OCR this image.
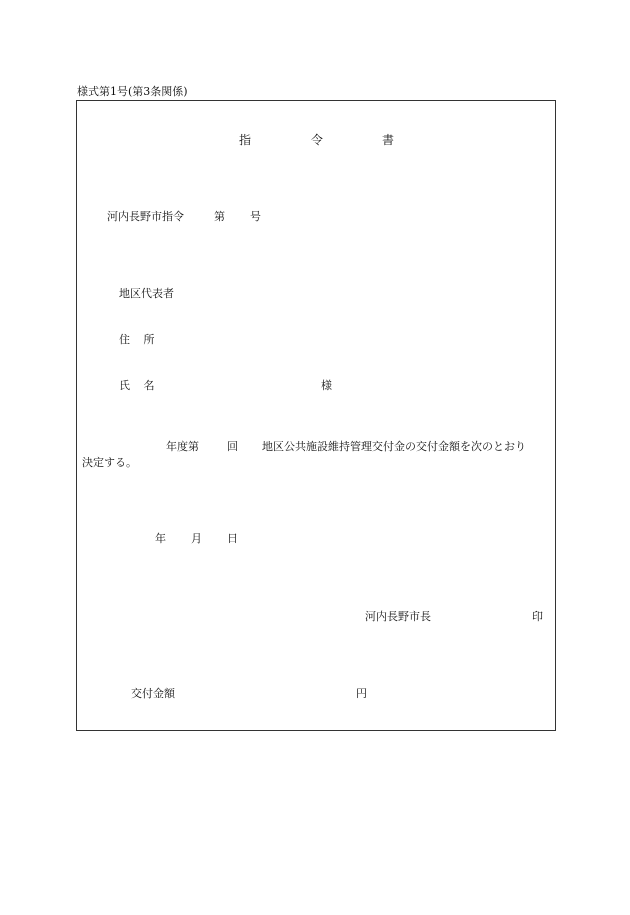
様式第1号(第3条関係)
指	令	書
河内長野市指令	第 号
地区代表者
住 所
氏 名	様
年度第	回 地区公共施設維持管理交付金の交付金額を次のとおり
決定する。
年 月 日
河内長野市長	印
交付金額	円
